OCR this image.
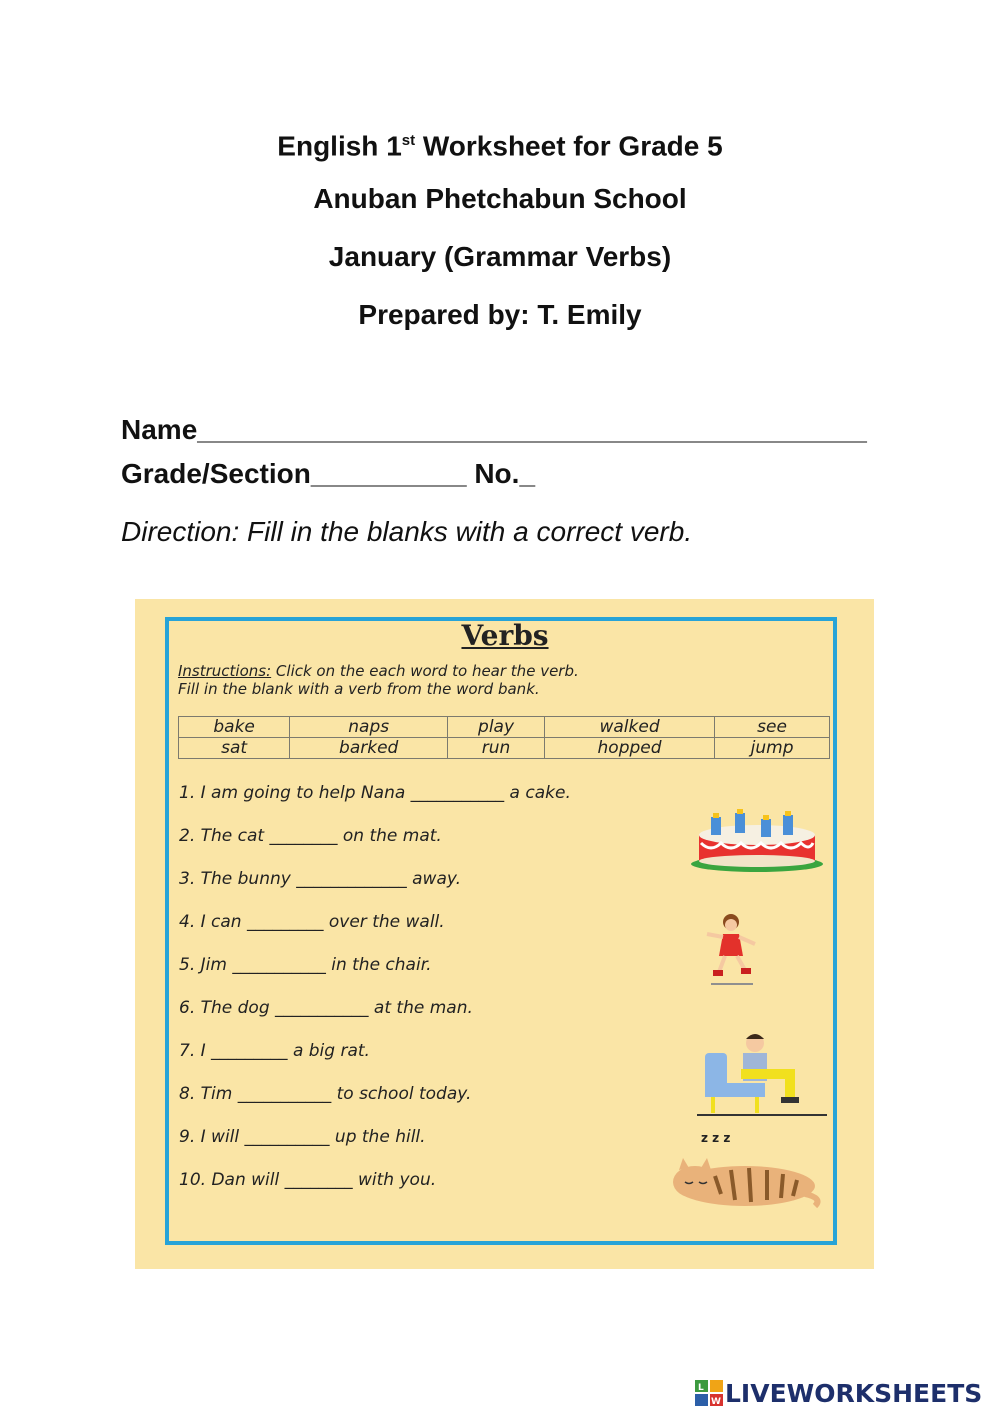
English 1st Worksheet for Grade 5
Anuban Phetchabun School
January (Grammar Verbs)
Prepared by: T. Emily
Name___________________________________________
Grade/Section__________ No._
Direction: Fill in the blanks with a correct verb.
Verbs
Instructions: Click on the each word to hear the verb.
Fill in the blank with a verb from the word bank.
bake	naps	play	walked	see
sat	barked	run	hopped	jump
1. I am going to help Nana ___________ a cake.
2. The cat ________ on the mat.
3. The bunny _____________ away.
4. I can _________ over the wall.
5. Jim ___________ in the chair.
6. The dog ___________ at the man.
7. I _________ a big rat.
8. Tim ___________ to school today.
9. I will __________ up the hill.
10. Dan will ________ with you.
z z z
L
W LIVEWORKSHEETS
